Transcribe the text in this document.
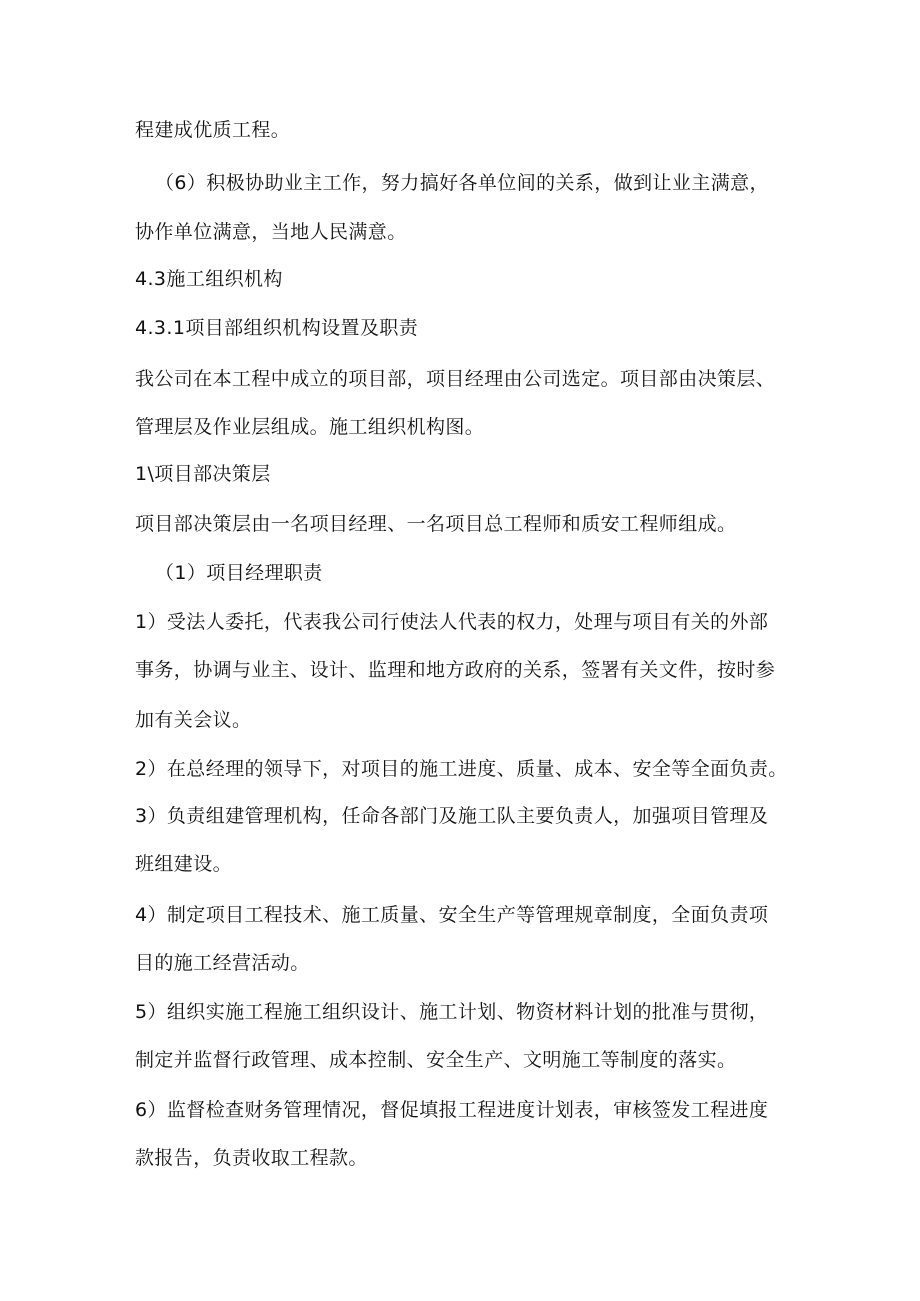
程建成优质工程。
（6）积极协助业主工作，努力搞好各单位间的关系，做到让业主满意，
协作单位满意，当地人民满意。
4.3施工组织机构
4.3.1项目部组织机构设置及职责
我公司在本工程中成立的项目部，项目经理由公司选定。项目部由决策层、
管理层及作业层组成。施工组织机构图。
1\项目部决策层
项目部决策层由一名项目经理、一名项目总工程师和质安工程师组成。
（1）项目经理职责
1）受法人委托，代表我公司行使法人代表的权力，处理与项目有关的外部
事务，协调与业主、设计、监理和地方政府的关系，签署有关文件，按时参
加有关会议。
2）在总经理的领导下，对项目的施工进度、质量、成本、安全等全面负责。
3）负责组建管理机构，任命各部门及施工队主要负责人，加强项目管理及
班组建设。
4）制定项目工程技术、施工质量、安全生产等管理规章制度，全面负责项
目的施工经营活动。
5）组织实施工程施工组织设计、施工计划、物资材料计划的批准与贯彻，
制定并监督行政管理、成本控制、安全生产、文明施工等制度的落实。
6）监督检查财务管理情况，督促填报工程进度计划表，审核签发工程进度
款报告，负责收取工程款。
